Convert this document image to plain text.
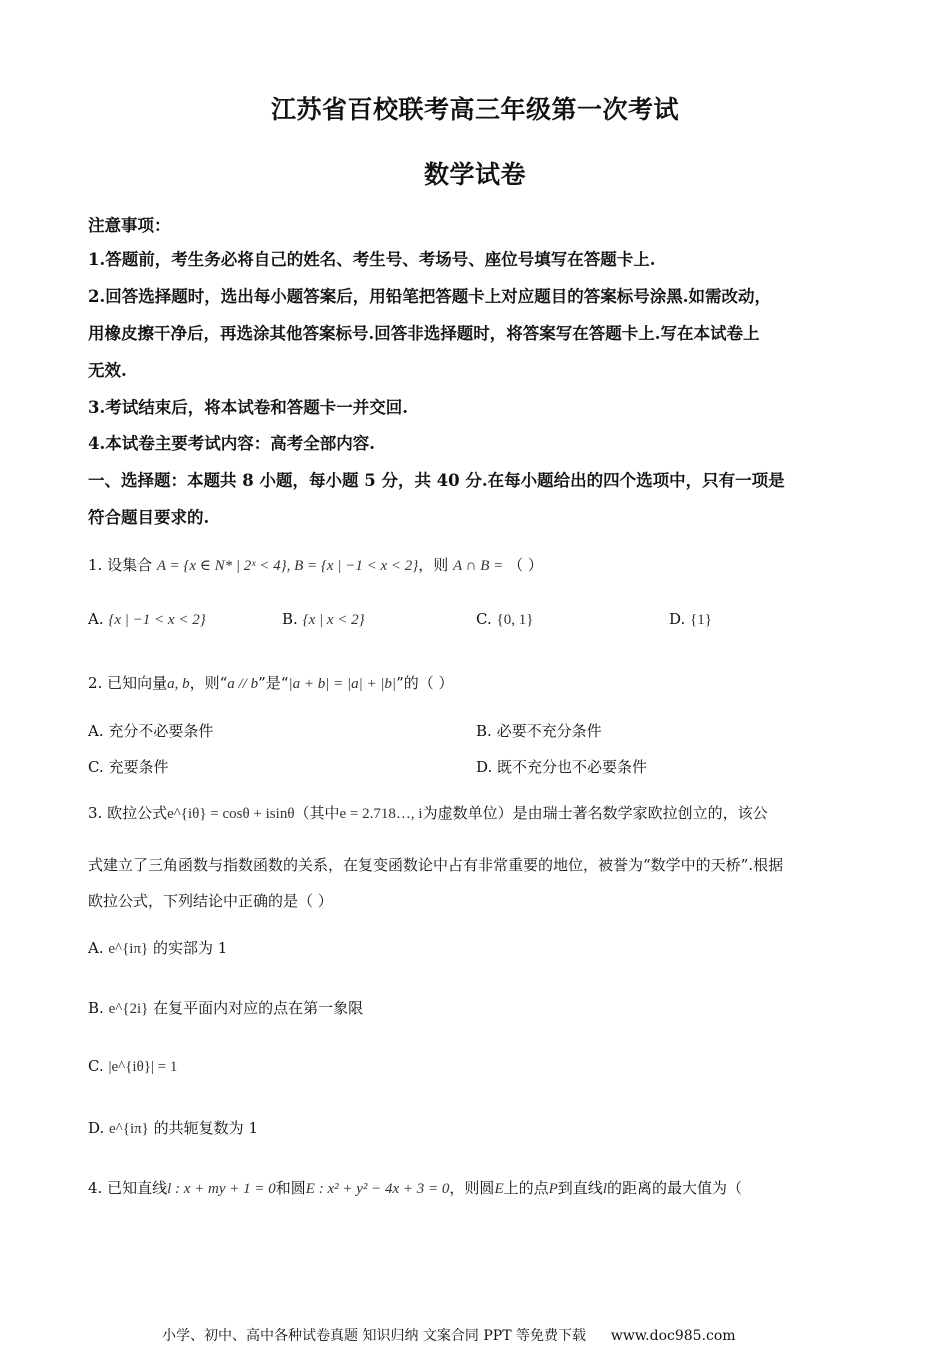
江苏省百校联考高三年级第一次考试
数学试卷
注意事项：
1.答题前，考生务必将自己的姓名、考生号、考场号、座位号填写在答题卡上.
2.回答选择题时，选出每小题答案后，用铅笔把答题卡上对应题目的答案标号涂黑.如需改动，
用橡皮擦干净后，再选涂其他答案标号.回答非选择题时，将答案写在答题卡上.写在本试卷上
无效.
3.考试结束后，将本试卷和答题卡一并交回.
4.本试卷主要考试内容：高考全部内容.
一、选择题：本题共 8 小题，每小题 5 分，共 40 分.在每小题给出的四个选项中，只有一项是
符合题目要求的.
1. 设集合 A = {x ∈ N* | 2ˣ < 4}, B = {x | −1 < x < 2}，则 A ∩ B = （ ）
A. {x | −1 < x < 2}	B. {x | x < 2}	C. {0, 1}	D. {1}
2. 已知向量a, b，则“a // b”是“|a + b| = |a| + |b|”的（ ）
A. 充分不必要条件	B. 必要不充分条件
C. 充要条件	D. 既不充分也不必要条件
3. 欧拉公式e^{iθ} = cosθ + isinθ（其中e = 2.718…, i为虚数单位）是由瑞士著名数学家欧拉创立的，该公
式建立了三角函数与指数函数的关系，在复变函数论中占有非常重要的地位，被誉为“数学中的天桥”.根据
欧拉公式，下列结论中正确的是（ ）
A. e^{iπ} 的实部为 1
B. e^{2i} 在复平面内对应的点在第一象限
C. |e^{iθ}| = 1
D. e^{iπ} 的共轭复数为 1
4. 已知直线l : x + my + 1 = 0和圆E : x² + y² − 4x + 3 = 0，则圆E上的点P到直线l的距离的最大值为（
小学、初中、高中各种试卷真题 知识归纳 文案合同 PPT 等免费下载 www.doc985.com
